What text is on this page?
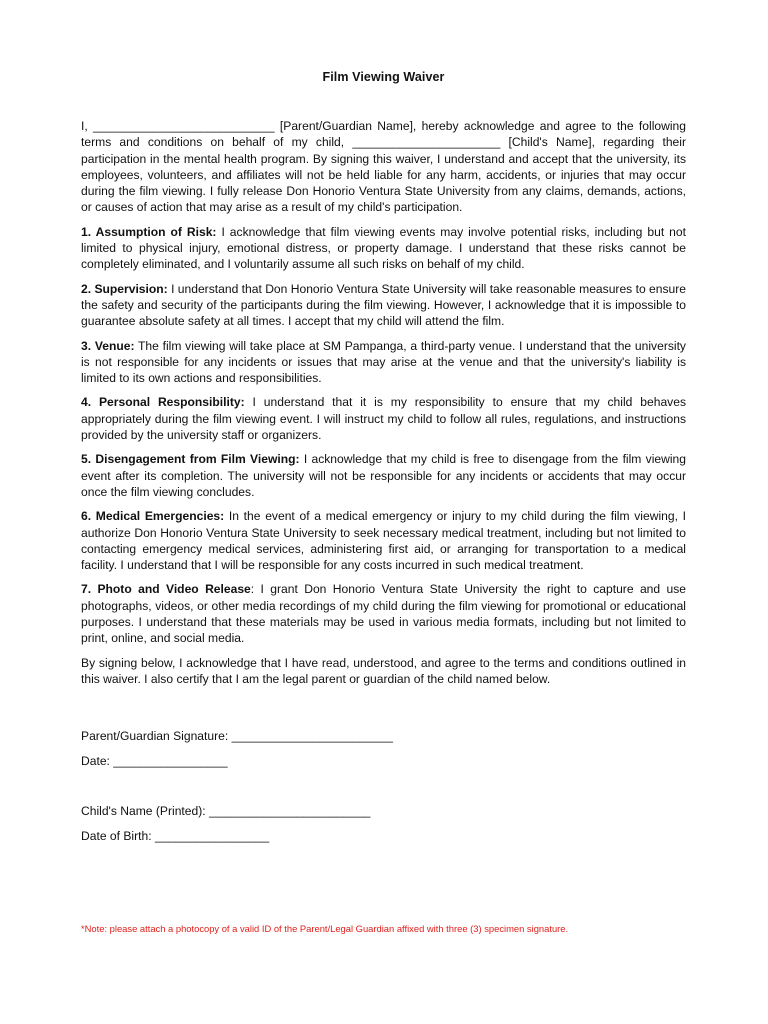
Film Viewing Waiver

I, ___________________________ [Parent/Guardian Name], hereby acknowledge and agree to the following terms and conditions on behalf of my child, ______________________ [Child's Name], regarding their participation in the mental health program. By signing this waiver, I understand and accept that the university, its employees, volunteers, and affiliates will not be held liable for any harm, accidents, or injuries that may occur during the film viewing. I fully release Don Honorio Ventura State University from any claims, demands, actions, or causes of action that may arise as a result of my child's participation.

1. Assumption of Risk: I acknowledge that film viewing events may involve potential risks, including but not limited to physical injury, emotional distress, or property damage. I understand that these risks cannot be completely eliminated, and I voluntarily assume all such risks on behalf of my child.

2. Supervision: I understand that Don Honorio Ventura State University will take reasonable measures to ensure the safety and security of the participants during the film viewing. However, I acknowledge that it is impossible to guarantee absolute safety at all times. I accept that my child will attend the film.

3. Venue: The film viewing will take place at SM Pampanga, a third-party venue. I understand that the university is not responsible for any incidents or issues that may arise at the venue and that the university's liability is limited to its own actions and responsibilities.

4. Personal Responsibility: I understand that it is my responsibility to ensure that my child behaves appropriately during the film viewing event. I will instruct my child to follow all rules, regulations, and instructions provided by the university staff or organizers.

5. Disengagement from Film Viewing: I acknowledge that my child is free to disengage from the film viewing event after its completion. The university will not be responsible for any incidents or accidents that may occur once the film viewing concludes.

6. Medical Emergencies: In the event of a medical emergency or injury to my child during the film viewing, I authorize Don Honorio Ventura State University to seek necessary medical treatment, including but not limited to contacting emergency medical services, administering first aid, or arranging for transportation to a medical facility. I understand that I will be responsible for any costs incurred in such medical treatment.

7. Photo and Video Release: I grant Don Honorio Ventura State University the right to capture and use photographs, videos, or other media recordings of my child during the film viewing for promotional or educational purposes. I understand that these materials may be used in various media formats, including but not limited to print, online, and social media.

By signing below, I acknowledge that I have read, understood, and agree to the terms and conditions outlined in this waiver. I also certify that I am the legal parent or guardian of the child named below.

Parent/Guardian Signature: ________________________
Date: _________________
Child's Name (Printed): ________________________
Date of Birth: _________________
*Note: please attach a photocopy of a valid ID of the Parent/Legal Guardian affixed with three (3) specimen signature.
